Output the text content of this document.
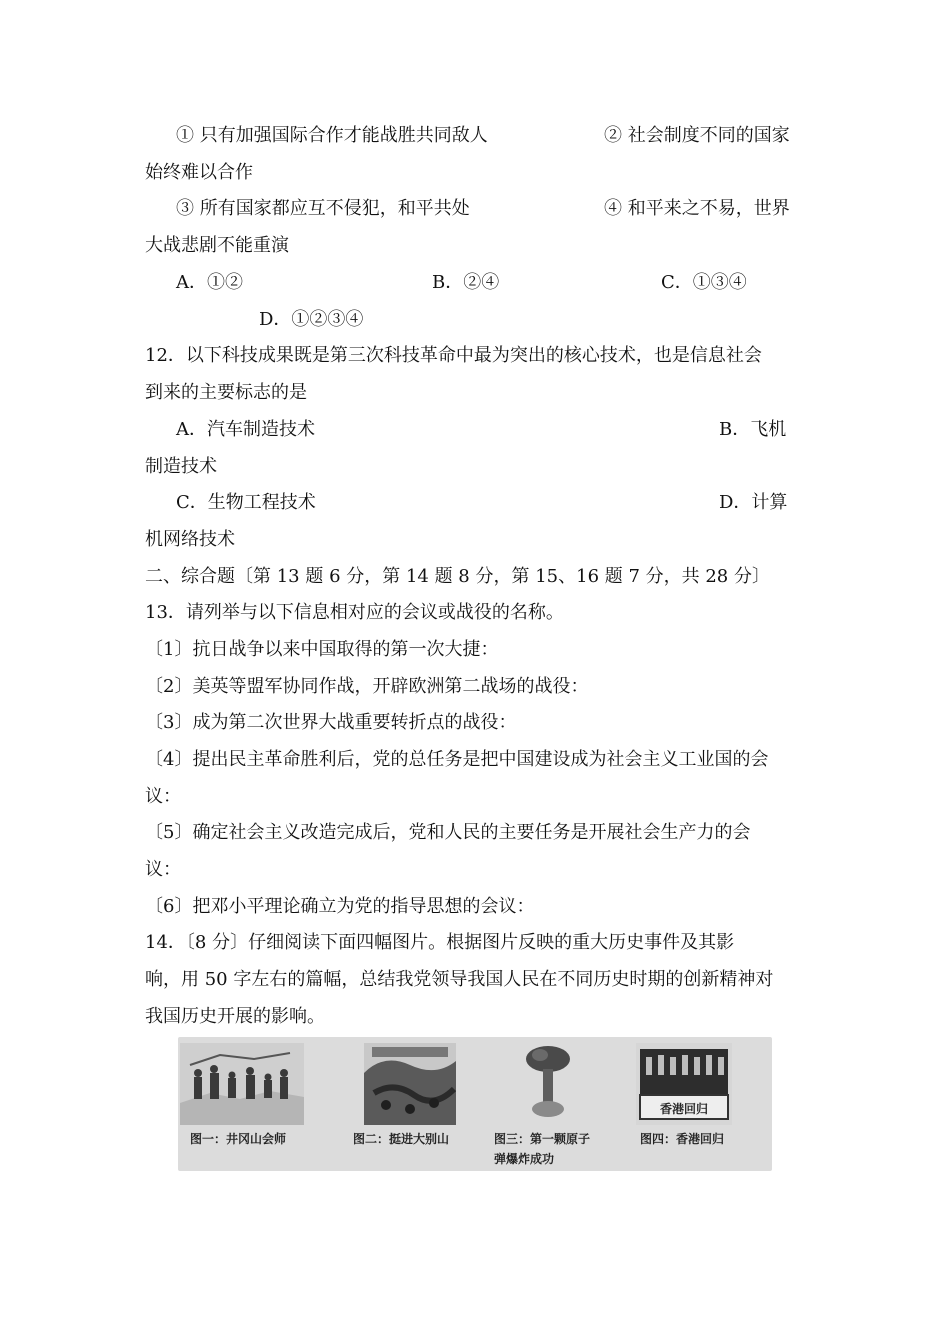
① 只有加强国际合作才能战胜共同敌人	② 社会制度不同的国家
始终难以合作
③ 所有国家都应互不侵犯，和平共处	④ 和平来之不易，世界
大战悲剧不能重演
A．①②	B．②④	C．①③④
D．①②③④
12．以下科技成果既是第三次科技革命中最为突出的核心技术，也是信息社会
到来的主要标志的是
A．汽车制造技术	B．飞机
制造技术
C．生物工程技术	D．计算
机网络技术
二、综合题〔第 13 题 6 分，第 14 题 8 分，第 15、16 题 7 分，共 28 分〕
13．请列举与以下信息相对应的会议或战役的名称。
〔1〕抗日战争以来中国取得的第一次大捷：
〔2〕美英等盟军协同作战，开辟欧洲第二战场的战役：
〔3〕成为第二次世界大战重要转折点的战役：
〔4〕提出民主革命胜利后，党的总任务是把中国建设成为社会主义工业国的会
议：
〔5〕确定社会主义改造完成后，党和人民的主要任务是开展社会生产力的会
议：
〔6〕把邓小平理论确立为党的指导思想的会议：
14．〔8 分〕仔细阅读下面四幅图片。根据图片反映的重大历史事件及其影
响，用 50 字左右的篇幅，总结我党领导我国人民在不同历史时期的创新精神对
我国历史开展的影响。
图一：井冈山会师	图二：挺进大别山	图三：第一颗原子
弹爆炸成功
香港回归
图四：香港回归
